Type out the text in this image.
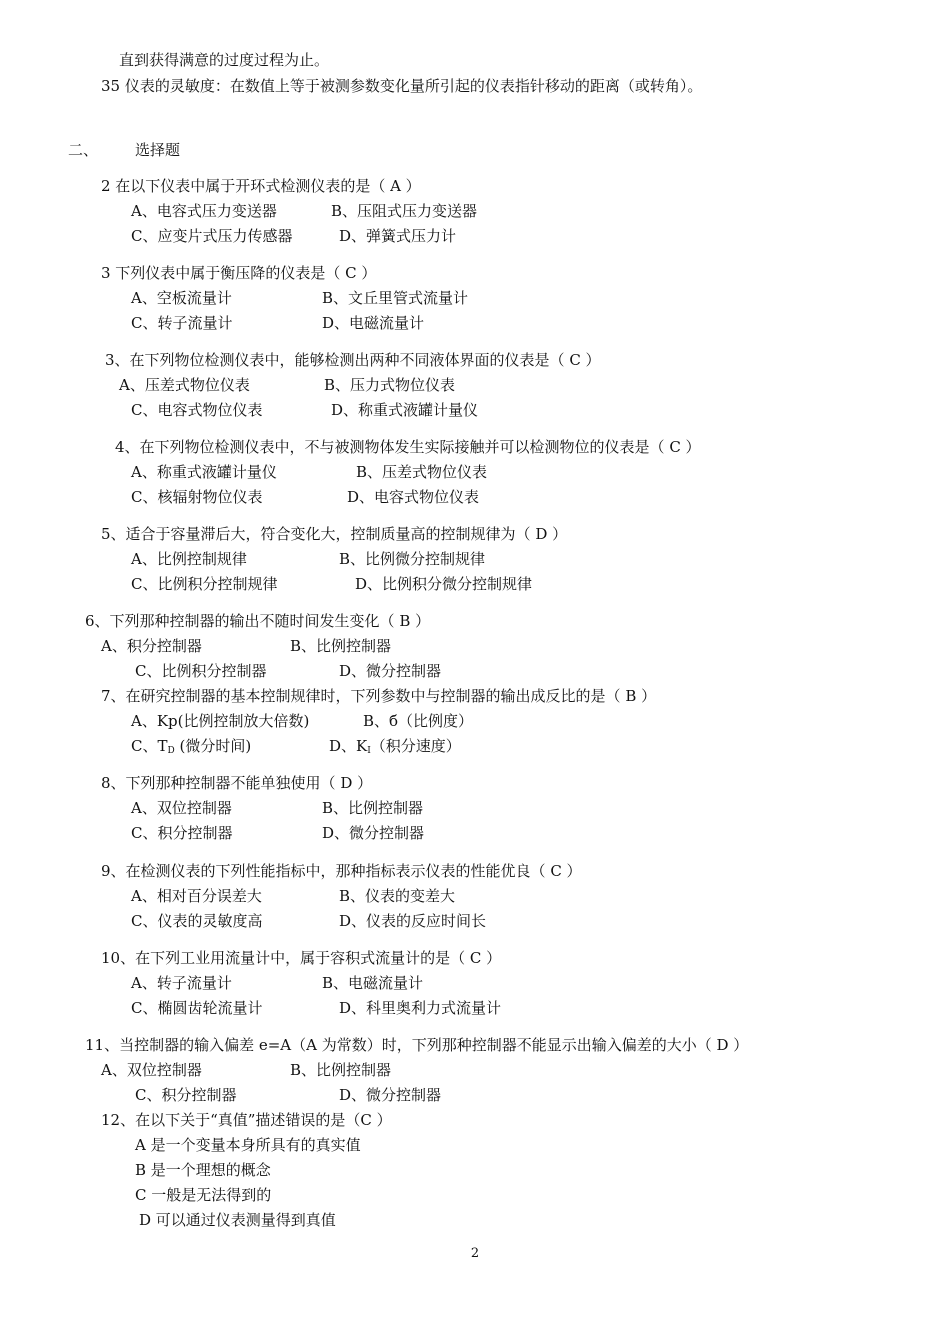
直到获得满意的过度过程为止。
35 仪表的灵敏度：在数值上等于被测参数变化量所引起的仪表指针移动的距离（或转角）。
二、 选择题
2 在以下仪表中属于开环式检测仪表的是（ A ）
A、电容式压力变送器	B、压阻式压力变送器
C、应变片式压力传感器	D、弹簧式压力计
3 下列仪表中属于衡压降的仪表是（ C ）
A、空板流量计	B、文丘里管式流量计
C、转子流量计	D、电磁流量计
3、在下列物位检测仪表中，能够检测出两种不同液体界面的仪表是（ C ）
A、压差式物位仪表	B、压力式物位仪表
C、电容式物位仪表	D、称重式液罐计量仪
4、在下列物位检测仪表中，不与被测物体发生实际接触并可以检测物位的仪表是（ C ）
A、称重式液罐计量仪	B、压差式物位仪表
C、核辐射物位仪表	D、电容式物位仪表
5、适合于容量滞后大，符合变化大，控制质量高的控制规律为（ D ）
A、比例控制规律	B、比例微分控制规律
C、比例积分控制规律	D、比例积分微分控制规律
6、下列那种控制器的输出不随时间发生变化（ B ）
A、积分控制器	B、比例控制器
C、比例积分控制器	D、微分控制器
7、在研究控制器的基本控制规律时，下列参数中与控制器的输出成反比的是（ B ）
A、Kp(比例控制放大倍数)	B、б（比例度）
C、$T_D$ (微分时间)	D、$K_I$（积分速度）
8、下列那种控制器不能单独使用（ D ）
A、双位控制器	B、比例控制器
C、积分控制器	D、微分控制器
9、在检测仪表的下列性能指标中，那种指标表示仪表的性能优良（ C ）
A、相对百分误差大	B、仪表的变差大
C、仪表的灵敏度高	D、仪表的反应时间长
10、在下列工业用流量计中，属于容积式流量计的是（ C ）
A、转子流量计	B、电磁流量计
C、椭圆齿轮流量计	D、科里奥利力式流量计
11、当控制器的输入偏差 e=A（A 为常数）时，下列那种控制器不能显示出输入偏差的大小（ D ）
A、双位控制器	B、比例控制器
C、积分控制器	D、微分控制器
12、在以下关于“真值”描述错误的是（C ）
A 是一个变量本身所具有的真实值
B 是一个理想的概念
C 一般是无法得到的
D 可以通过仪表测量得到真值
2
